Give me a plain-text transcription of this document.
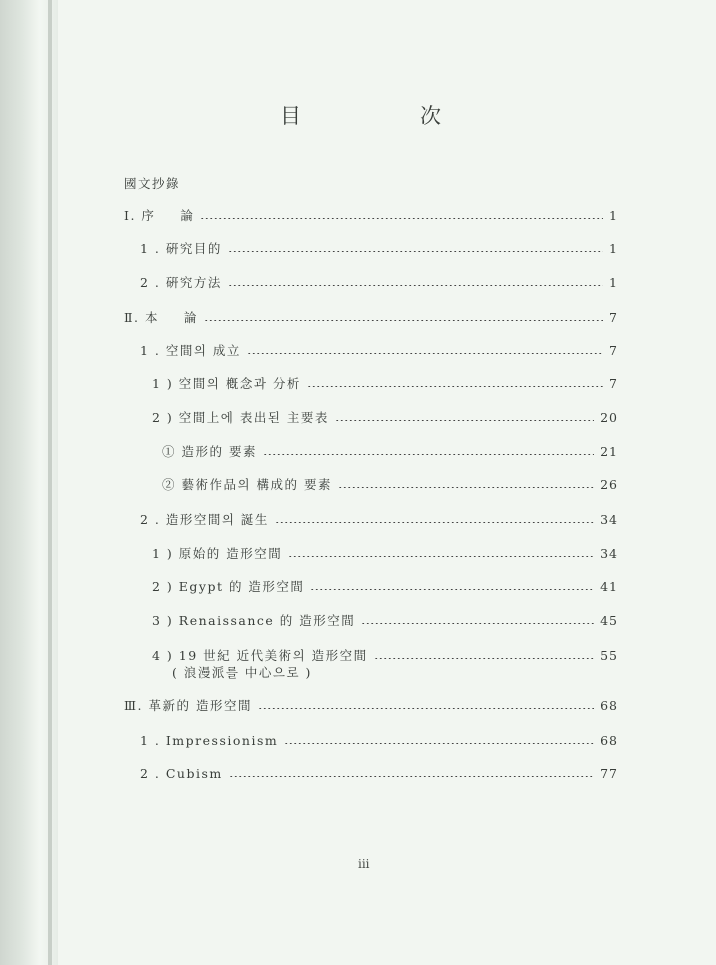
目	次
國文抄錄
Ⅰ. 序 　 論	1
1 . 硏究目的	1
2 . 硏究方法	1
Ⅱ. 本 　 論	7
1 . 空間의 成立	7
1 ) 空間의 槪念과 分析	7
2 ) 空間上에 表出된 主要表	20
① 造形的 要素	21
② 藝術作品의 構成的 要素	26
2 . 造形空間의 誕生	34
1 ) 原始的 造形空間	34
2 ) Egypt 的 造形空間	41
3 ) Renaissance 的 造形空間	45
4 ) 19 世紀 近代美術의 造形空間	55
( 浪漫派를 中心으로 )
Ⅲ. 革新的 造形空間	68
1 . Impressionism	68
2 . Cubism	77
iii
